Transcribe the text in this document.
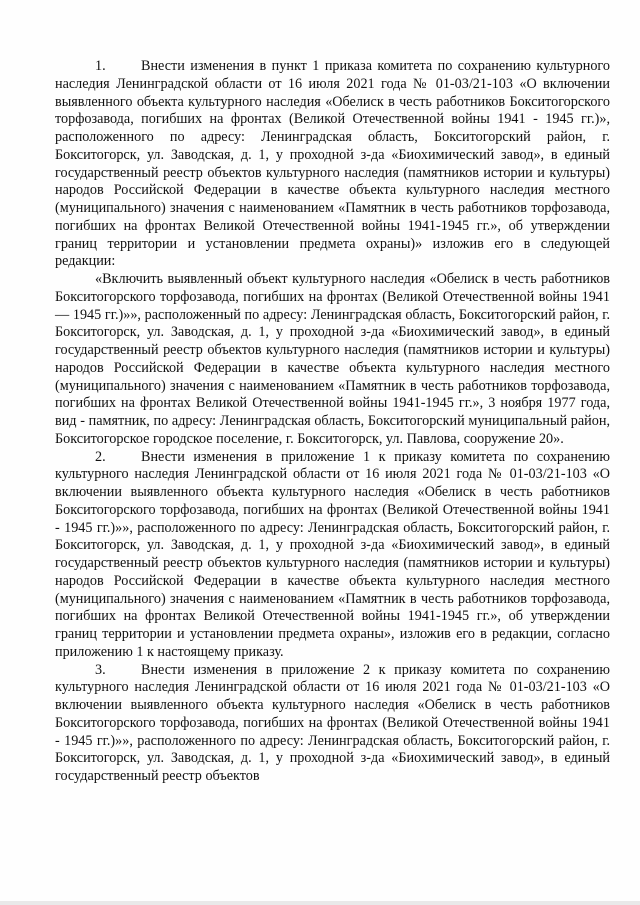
1. Внести изменения в пункт 1 приказа комитета по сохранению культурного наследия Ленинградской области от 16 июля 2021 года № 01-03/21-103 «О включении выявленного объекта культурного наследия «Обелиск в честь работников Бокситогорского торфозавода, погибших на фронтах (Великой Отечественной войны 1941 - 1945 гг.)», расположенного по адресу: Ленинградская область, Бокситогорский район, г. Бокситогорск, ул. Заводская, д. 1, у проходной з-да «Биохимический завод», в единый государственный реестр объектов культурного наследия (памятников истории и культуры) народов Российской Федерации в качестве объекта культурного наследия местного (муниципального) значения с наименованием «Памятник в честь работников торфозавода, погибших на фронтах Великой Отечественной войны 1941-1945 гг.», об утверждении границ территории и установлении предмета охраны)» изложив его в следующей редакции:

«Включить выявленный объект культурного наследия «Обелиск в честь работников Бокситогорского торфозавода, погибших на фронтах (Великой Отечественной войны 1941 — 1945 гг.)»», расположенный по адресу: Ленинградская область, Бокситогорский район, г. Бокситогорск, ул. Заводская, д. 1, у проходной з-да «Биохимический завод», в единый государственный реестр объектов культурного наследия (памятников истории и культуры) народов Российской Федерации в качестве объекта культурного наследия местного (муниципального) значения с наименованием «Памятник в честь работников торфозавода, погибших на фронтах Великой Отечественной войны 1941-1945 гг.», 3 ноября 1977 года, вид - памятник, по адресу: Ленинградская область, Бокситогорский муниципальный район, Бокситогорское городское поселение, г. Бокситогорск, ул. Павлова, сооружение 20».

2. Внести изменения в приложение 1 к приказу комитета по сохранению культурного наследия Ленинградской области от 16 июля 2021 года № 01-03/21-103 «О включении выявленного объекта культурного наследия «Обелиск в честь работников Бокситогорского торфозавода, погибших на фронтах (Великой Отечественной войны 1941 - 1945 гг.)»», расположенного по адресу: Ленинградская область, Бокситогорский район, г. Бокситогорск, ул. Заводская, д. 1, у проходной з-да «Биохимический завод», в единый государственный реестр объектов культурного наследия (памятников истории и культуры) народов Российской Федерации в качестве объекта культурного наследия местного (муниципального) значения с наименованием «Памятник в честь работников торфозавода, погибших на фронтах Великой Отечественной войны 1941-1945 гг.», об утверждении границ территории и установлении предмета охраны», изложив его в редакции, согласно приложению 1 к настоящему приказу.

3. Внести изменения в приложение 2 к приказу комитета по сохранению культурного наследия Ленинградской области от 16 июля 2021 года № 01-03/21-103 «О включении выявленного объекта культурного наследия «Обелиск в честь работников Бокситогорского торфозавода, погибших на фронтах (Великой Отечественной войны 1941 - 1945 гг.)»», расположенного по адресу: Ленинградская область, Бокситогорский район, г. Бокситогорск, ул. Заводская, д. 1, у проходной з-да «Биохимический завод», в единый государственный реестр объектов
